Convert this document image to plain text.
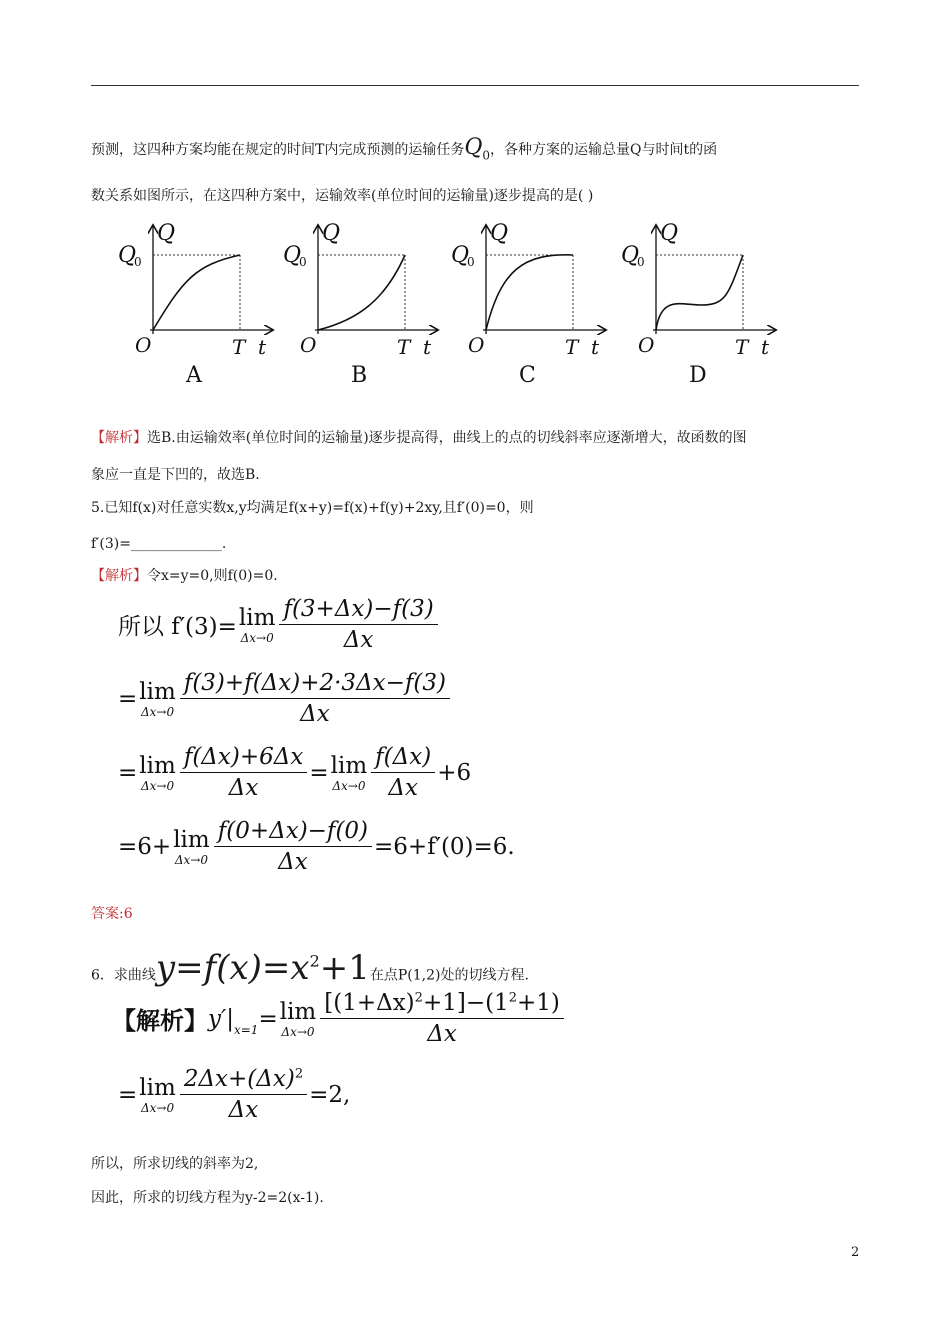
预测，这四种方案均能在规定的时间T内完成预测的运输任务$Q_0$，各种方案的运输总量Q与时间t的函
数关系如图所示，在这四种方案中，运输效率(单位时间的运输量)逐步提高的是( )
Q
0
Q
O	T t
A
Q
0
Q
O	T t
B
Q
0
Q
O	T t
C
Q
0
Q
O	T t
D
【解析】选B.由运输效率(单位时间的运输量)逐步提高得，曲线上的点的切线斜率应逐渐增大，故函数的图
象应一直是下凹的，故选B.
5.已知f(x)对任意实数x,y均满足f(x+y)=f(x)+f(y)+2xy,且f′(0)=0，则
f′(3)=_____________.
【解析】令x=y=0,则f(0)=0.
所以 f′(3)= lim
$\Delta x\to 0 \frac{f(3+\Delta x)-f(3)}{\Delta x}$
= lim
$\Delta x\to 0 \frac{f(3)+f(\Delta x)+2\cdot 3\Delta x-f(3)}{\Delta x}$
= lim
$\Delta x\to 0 \frac{f(\Delta x)+6\Delta x}{\Delta x} = \lim$
$\Delta x\to 0 \frac{f(\Delta x)}{\Delta x} +6$
=6+ lim
$\Delta x\to 0 \frac{f(0+\Delta x)-f(0)}{\Delta x} =6+f'(0)=6$.
答案:6
6．求曲线$y=f(x)=x^2+1$在点P(1,2)处的切线方程.
【解析】 y′| x=1 = lim
$\Delta x\to 0 \frac{[(1+\Delta x)^2+1]-(1^2+1)}{\Delta x}$
= lim
$\Delta x\to 0 \frac{2\Delta x+(\Delta x)^2}{\Delta x} =2$,
所以，所求切线的斜率为2,
因此，所求的切线方程为y-2=2(x-1).
2
